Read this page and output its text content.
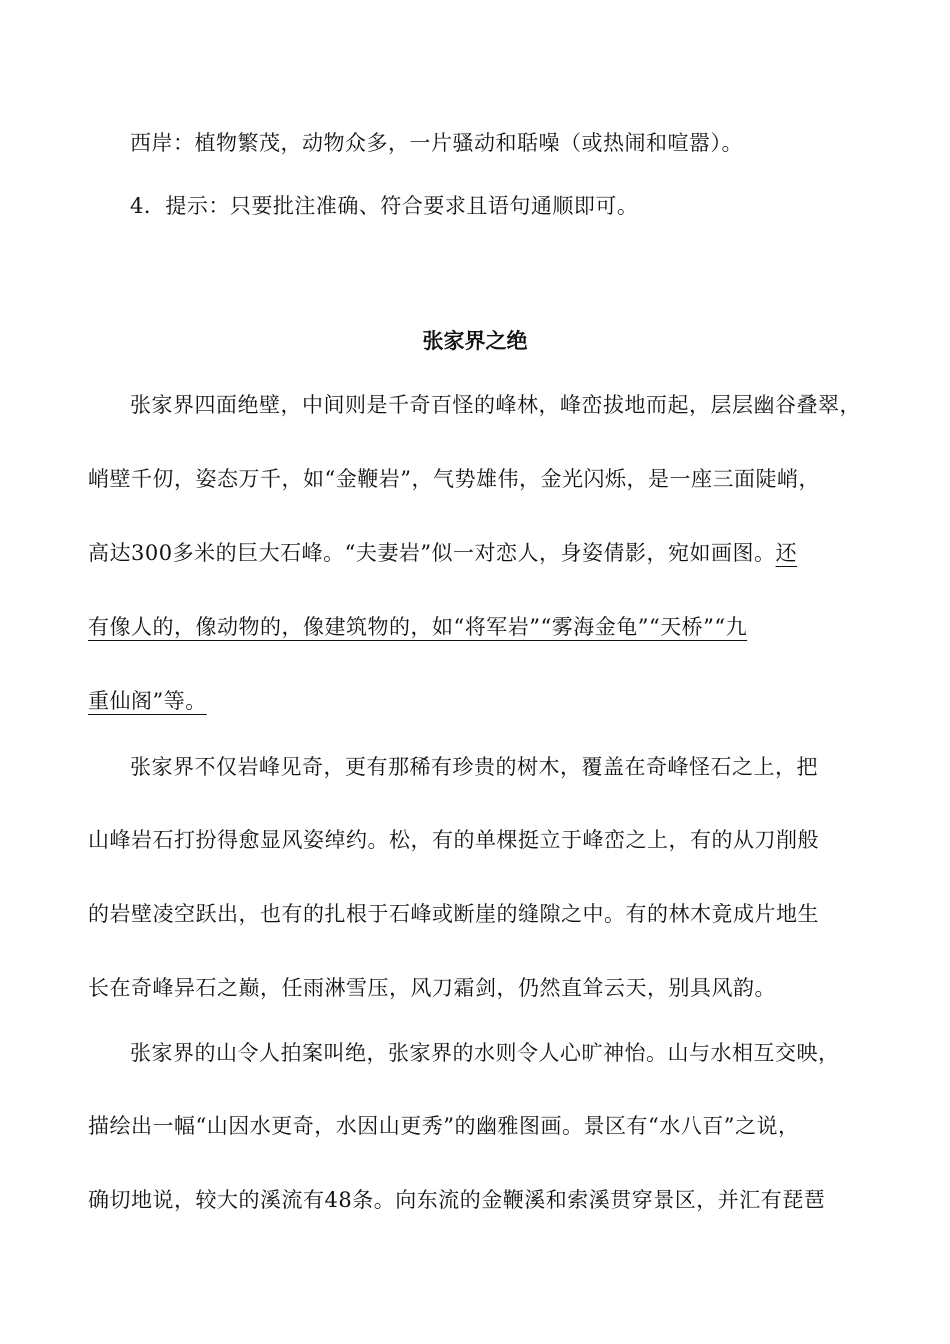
西岸：植物繁茂，动物众多，一片骚动和聒噪（或热闹和喧嚣）。
4．提示：只要批注准确、符合要求且语句通顺即可。
张家界之绝
张家界四面绝壁，中间则是千奇百怪的峰林，峰峦拔地而起，层层幽谷叠翠，
峭壁千仞，姿态万千，如“金鞭岩”，气势雄伟，金光闪烁，是一座三面陡峭，
高达300多米的巨大石峰。“夫妻岩”似一对恋人，身姿倩影，宛如画图。还
有像人的，像动物的，像建筑物的，如“将军岩”“雾海金龟”“天桥”“九
重仙阁”等。
张家界不仅岩峰见奇，更有那稀有珍贵的树木，覆盖在奇峰怪石之上，把
山峰岩石打扮得愈显风姿绰约。松，有的单棵挺立于峰峦之上，有的从刀削般
的岩壁凌空跃出，也有的扎根于石峰或断崖的缝隙之中。有的林木竟成片地生
长在奇峰异石之巅，任雨淋雪压，风刀霜剑，仍然直耸云天，别具风韵。
张家界的山令人拍案叫绝，张家界的水则令人心旷神怡。山与水相互交映，
描绘出一幅“山因水更奇，水因山更秀”的幽雅图画。景区有“水八百”之说，
确切地说，较大的溪流有48条。向东流的金鞭溪和索溪贯穿景区，并汇有琵琶
